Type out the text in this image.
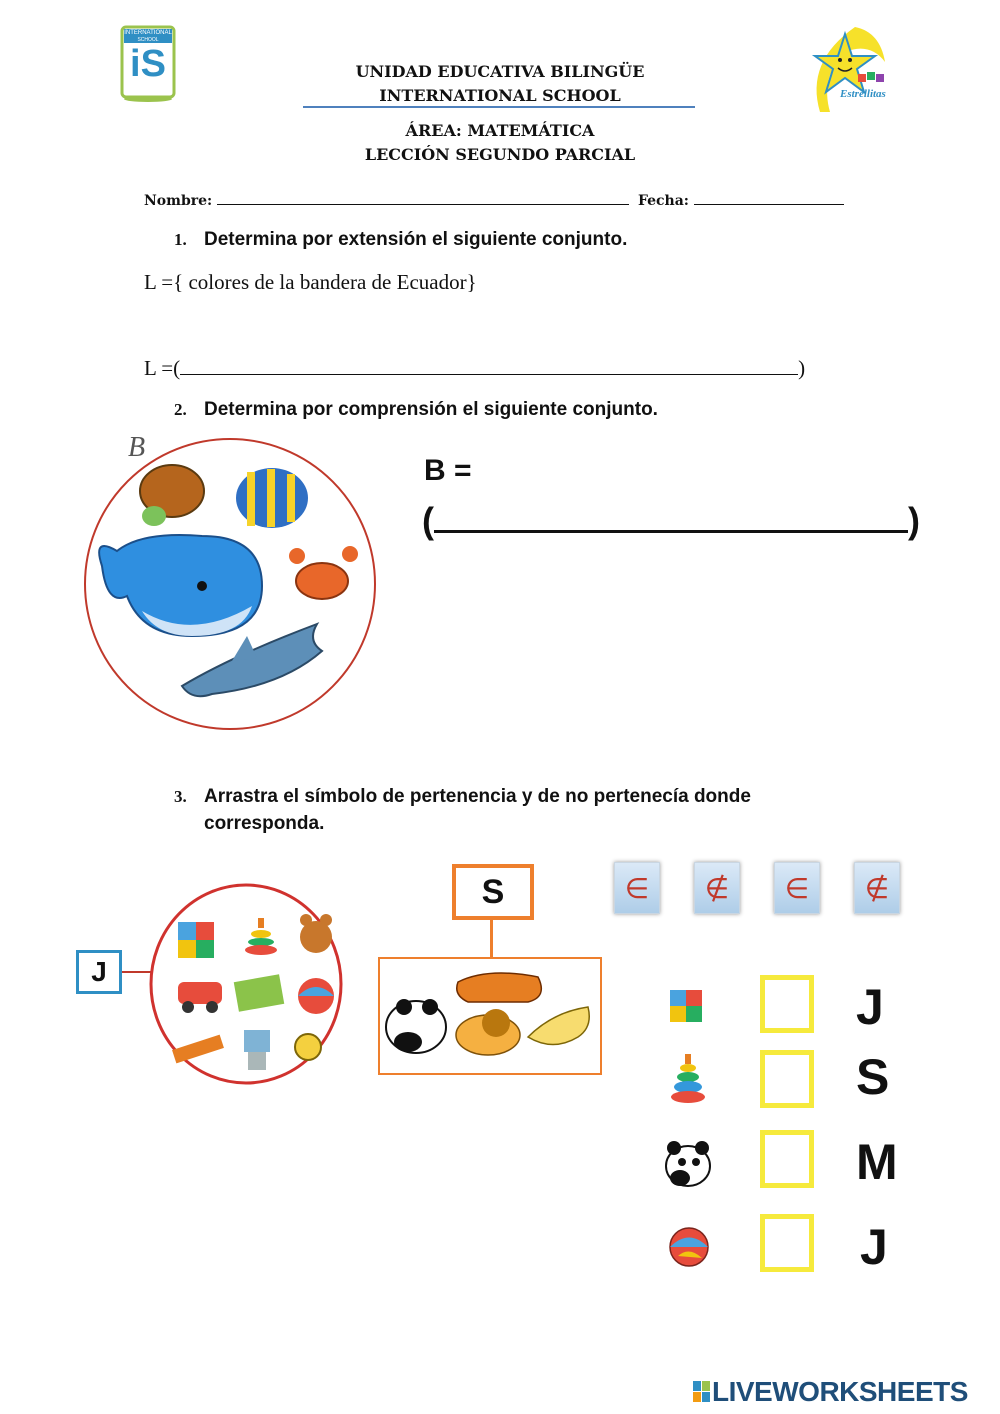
INTERNATIONAL
SCHOOL
iS	UNIDAD EDUCATIVA BILINGÜE
INTERNATIONAL SCHOOL
ÁREA: MATEMÁTICA
LECCIÓN SEGUNDO PARCIAL
Estrellitas
Nombre:	Fecha:
1. Determina por extensión el siguiente conjunto.
L ={ colores de la bandera de Ecuador}
L =(	)
2. Determina por comprensión el siguiente conjunto.
B
B =
(	)
3. Arrastra el símbolo de pertenencia y de no pertenecía donde
corresponda.
J
S	∈	∉	∈	∉
J
S
M
J
LIVEWORKSHEETS
